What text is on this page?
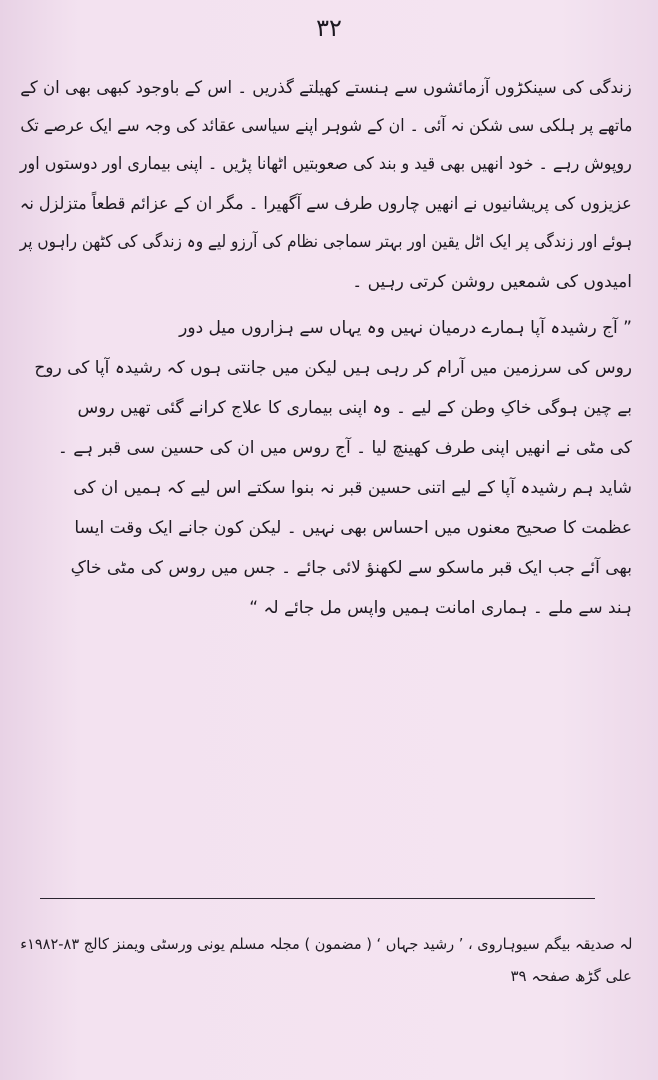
۳۲
زندگی کی سینکڑوں آزمائشوں سے ہنستے کھیلتے گذریں ۔ اس کے باوجود کبھی بھی ان کے
ماتھے پر ہلکی سی شکن نہ آئی ۔ ان کے شوہر اپنے سیاسی عقائد کی وجہ سے ایک عرصے تک
روپوش رہے ۔ خود انھیں بھی قید و بند کی صعوبتیں اٹھانا پڑیں ۔ اپنی بیماری اور دوستوں اور
عزیزوں کی پریشانیوں نے انھیں چاروں طرف سے آگھیرا ۔ مگر ان کے عزائم قطعاً متزلزل نہ
ہوئے اور زندگی پر ایک اٹل یقین اور بہتر سماجی نظام کی آرزو لیے وہ زندگی کی کٹھن راہوں پر
امیدوں کی شمعیں روشن کرتی رہیں ۔
” آج رشیدہ آپا ہمارے درمیان نہیں وہ یہاں سے ہزاروں میل دور
روس کی سرزمین میں آرام کر رہی ہیں لیکن میں جانتی ہوں کہ رشیدہ آپا کی روح
بے چین ہوگی خاکِ وطن کے لیے ۔ وہ اپنی بیماری کا علاج کرانے گئی تھیں روس
کی مٹی نے انھیں اپنی طرف کھینچ لیا ۔ آج روس میں ان کی حسین سی قبر ہے ۔
شاید ہم رشیدہ آپا کے لیے اتنی حسین قبر نہ بنوا سکتے اس لیے کہ ہمیں ان کی
عظمت کا صحیح معنوں میں احساس بھی نہیں ۔ لیکن کون جانے ایک وقت ایسا
بھی آئے جب ایک قبر ماسکو سے لکھنؤ لائی جائے ۔ جس میں روس کی مٹی خاکِ
ہند سے ملے ۔ ہماری امانت ہمیں واپس مل جائے لہ “
لہ صدیقہ بیگم سیوہاروی ، ’ رشید جہاں ‘ ( مضمون ) مجلہ مسلم یونی ورسٹی ویمنز کالج ۸۳-۱۹۸۲ء
علی گڑھ صفحہ ۳۹
